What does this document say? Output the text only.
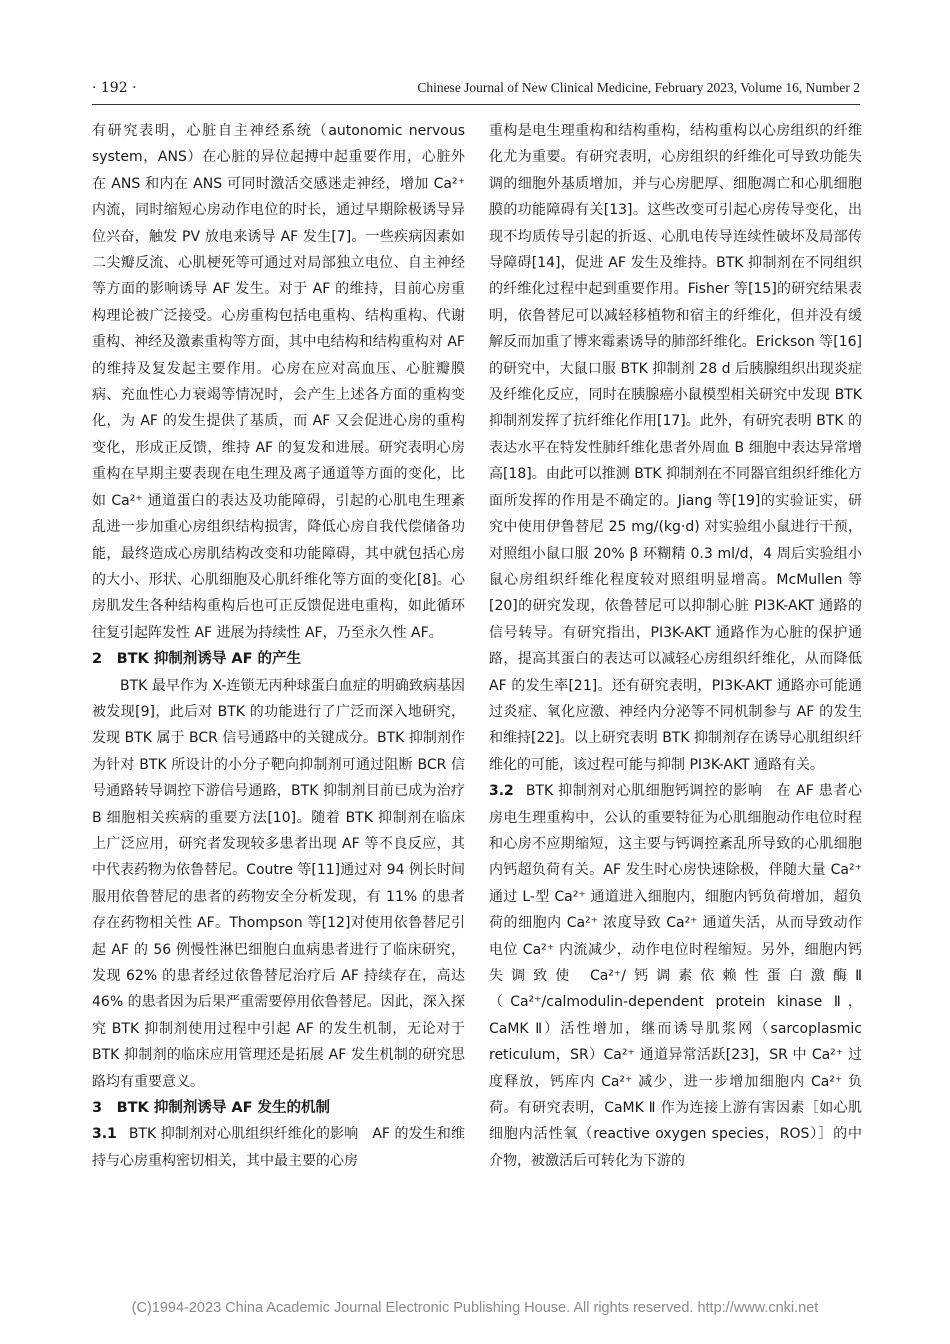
· 192 ·	Chinese Journal of New Clinical Medicine, February 2023, Volume 16, Number 2

有研究表明，心脏自主神经系统（autonomic nervous system，ANS）在心脏的异位起搏中起重要作用，心脏外在 ANS 和内在 ANS 可同时激活交感迷走神经，增加 Ca²⁺ 内流，同时缩短心房动作电位的时长，通过早期除极诱导异位兴奋，触发 PV 放电来诱导 AF 发生[7]。一些疾病因素如二尖瓣反流、心肌梗死等可通过对局部独立电位、自主神经等方面的影响诱导 AF 发生。对于 AF 的维持，目前心房重构理论被广泛接受。心房重构包括电重构、结构重构、代谢重构、神经及激素重构等方面，其中电结构和结构重构对 AF 的维持及复发起主要作用。心房在应对高血压、心脏瓣膜病、充血性心力衰竭等情况时，会产生上述各方面的重构变化，为 AF 的发生提供了基质，而 AF 又会促进心房的重构变化，形成正反馈，维持 AF 的复发和进展。研究表明心房重构在早期主要表现在电生理及离子通道等方面的变化，比如 Ca²⁺ 通道蛋白的表达及功能障碍，引起的心肌电生理紊乱进一步加重心房组织结构损害，降低心房自我代偿储备功能，最终造成心房肌结构改变和功能障碍，其中就包括心房的大小、形状、心肌细胞及心肌纤维化等方面的变化[8]。心房肌发生各种结构重构后也可正反馈促进电重构，如此循环往复引起阵发性 AF 进展为持续性 AF，乃至永久性 AF。

2　BTK 抑制剂诱导 AF 的产生

BTK 最早作为 X-连锁无丙种球蛋白血症的明确致病基因被发现[9]，此后对 BTK 的功能进行了广泛而深入地研究，发现 BTK 属于 BCR 信号通路中的关键成分。BTK 抑制剂作为针对 BTK 所设计的小分子靶向抑制剂可通过阻断 BCR 信号通路转导调控下游信号通路，BTK 抑制剂目前已成为治疗 B 细胞相关疾病的重要方法[10]。随着 BTK 抑制剂在临床上广泛应用，研究者发现较多患者出现 AF 等不良反应，其中代表药物为依鲁替尼。Coutre 等[11]通过对 94 例长时间服用依鲁替尼的患者的药物安全分析发现，有 11% 的患者存在药物相关性 AF。Thompson 等[12]对使用依鲁替尼引起 AF 的 56 例慢性淋巴细胞白血病患者进行了临床研究，发现 62% 的患者经过依鲁替尼治疗后 AF 持续存在，高达 46% 的患者因为后果严重需要停用依鲁替尼。因此，深入探究 BTK 抑制剂使用过程中引起 AF 的发生机制，无论对于 BTK 抑制剂的临床应用管理还是拓展 AF 发生机制的研究思路均有重要意义。

3　BTK 抑制剂诱导 AF 发生的机制
3.1 BTK 抑制剂对心肌组织纤维化的影响 AF 的发生和维持与心房重构密切相关，其中最主要的心房

重构是电生理重构和结构重构，结构重构以心房组织的纤维化尤为重要。有研究表明，心房组织的纤维化可导致功能失调的细胞外基质增加，并与心房肥厚、细胞凋亡和心肌细胞膜的功能障碍有关[13]。这些改变可引起心房传导变化，出现不均质传导引起的折返、心肌电传导连续性破坏及局部传导障碍[14]，促进 AF 发生及维持。BTK 抑制剂在不同组织的纤维化过程中起到重要作用。Fisher 等[15]的研究结果表明，依鲁替尼可以减轻移植物和宿主的纤维化，但并没有缓解反而加重了博来霉素诱导的肺部纤维化。Erickson 等[16]的研究中，大鼠口服 BTK 抑制剂 28 d 后胰腺组织出现炎症及纤维化反应，同时在胰腺癌小鼠模型相关研究中发现 BTK 抑制剂发挥了抗纤维化作用[17]。此外，有研究表明 BTK 的表达水平在特发性肺纤维化患者外周血 B 细胞中表达异常增高[18]。由此可以推测 BTK 抑制剂在不同器官组织纤维化方面所发挥的作用是不确定的。Jiang 等[19]的实验证实，研究中使用伊鲁替尼 25 mg/(kg·d) 对实验组小鼠进行干预，对照组小鼠口服 20% β 环糊精 0.3 ml/d，4 周后实验组小鼠心房组织纤维化程度较对照组明显增高。McMullen 等[20]的研究发现，依鲁替尼可以抑制心脏 PI3K-AKT 通路的信号转导。有研究指出，PI3K-AKT 通路作为心脏的保护通路，提高其蛋白的表达可以减轻心房组织纤维化，从而降低 AF 的发生率[21]。还有研究表明，PI3K-AKT 通路亦可能通过炎症、氧化应激、神经内分泌等不同机制参与 AF 的发生和维持[22]。以上研究表明 BTK 抑制剂存在诱导心肌组织纤维化的可能，该过程可能与抑制 PI3K-AKT 通路有关。

3.2 BTK 抑制剂对心肌细胞钙调控的影响 在 AF 患者心房电生理重构中，公认的重要特征为心肌细胞动作电位时程和心房不应期缩短，这主要与钙调控紊乱所导致的心肌细胞内钙超负荷有关。AF 发生时心房快速除极，伴随大量 Ca²⁺ 通过 L-型 Ca²⁺ 通道进入细胞内，细胞内钙负荷增加，超负荷的细胞内 Ca²⁺ 浓度导致 Ca²⁺ 通道失活，从而导致动作电位 Ca²⁺ 内流减少，动作电位时程缩短。另外，细胞内钙失调致使 Ca²⁺/钙调素依赖性蛋白激酶Ⅱ（Ca²⁺/calmodulin-dependent protein kinase Ⅱ，CaMK Ⅱ）活性增加，继而诱导肌浆网（sarcoplasmic reticulum，SR）Ca²⁺ 通道异常活跃[23]，SR 中 Ca²⁺ 过度释放，钙库内 Ca²⁺ 减少，进一步增加细胞内 Ca²⁺ 负荷。有研究表明，CaMK Ⅱ 作为连接上游有害因素［如心肌细胞内活性氧（reactive oxygen species，ROS）］的中介物，被激活后可转化为下游的
(C)1994-2023 China Academic Journal Electronic Publishing House. All rights reserved. http://www.cnki.net
